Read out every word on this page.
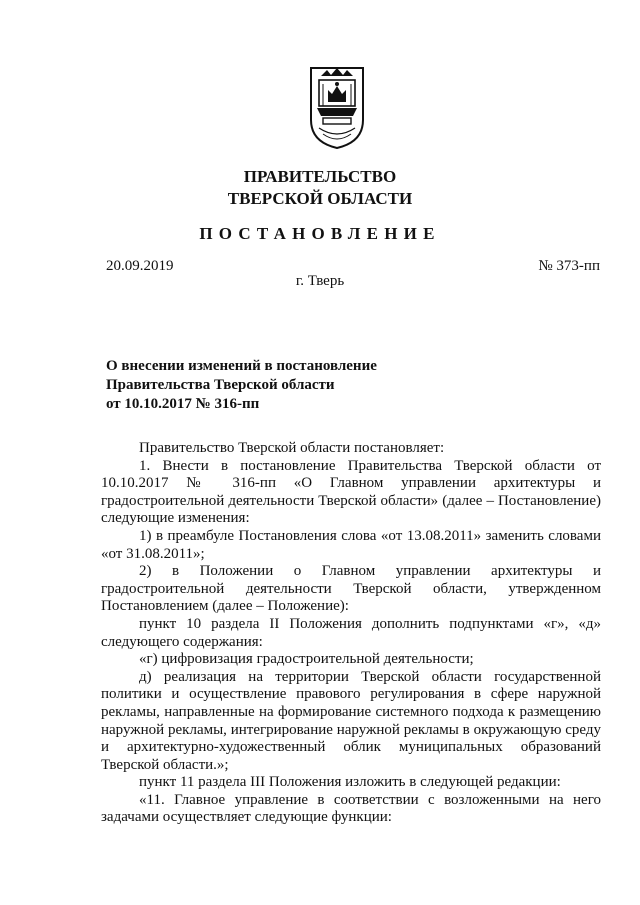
ПРАВИТЕЛЬСТВО
ТВЕРСКОЙ ОБЛАСТИ
ПОСТАНОВЛЕНИЕ
20.09.2019	№ 373-пп
г. Тверь
О внесении изменений в постановление
Правительства Тверской области
от 10.10.2017 № 316-пп

Правительство Тверской области постановляет:

1. Внести в постановление Правительства Тверской области от 10.10.2017 № 316-пп «О Главном управлении архитектуры и градостроительной деятельности Тверской области» (далее – Постановление) следующие изменения:

1) в преамбуле Постановления слова «от 13.08.2011» заменить словами «от 31.08.2011»;

2) в Положении о Главном управлении архитектуры и градостроительной деятельности Тверской области, утвержденном Постановлением (далее – Положение):

пункт 10 раздела II Положения дополнить подпунктами «г», «д» следующего содержания:

«г) цифровизация градостроительной деятельности;

д) реализация на территории Тверской области государственной политики и осуществление правового регулирования в сфере наружной рекламы, направленные на формирование системного подхода к размещению наружной рекламы, интегрирование наружной рекламы в окружающую среду и архитектурно-художественный облик муниципальных образований Тверской области.»;

пункт 11 раздела III Положения изложить в следующей редакции:

«11. Главное управление в соответствии с возложенными на него задачами осуществляет следующие функции:
